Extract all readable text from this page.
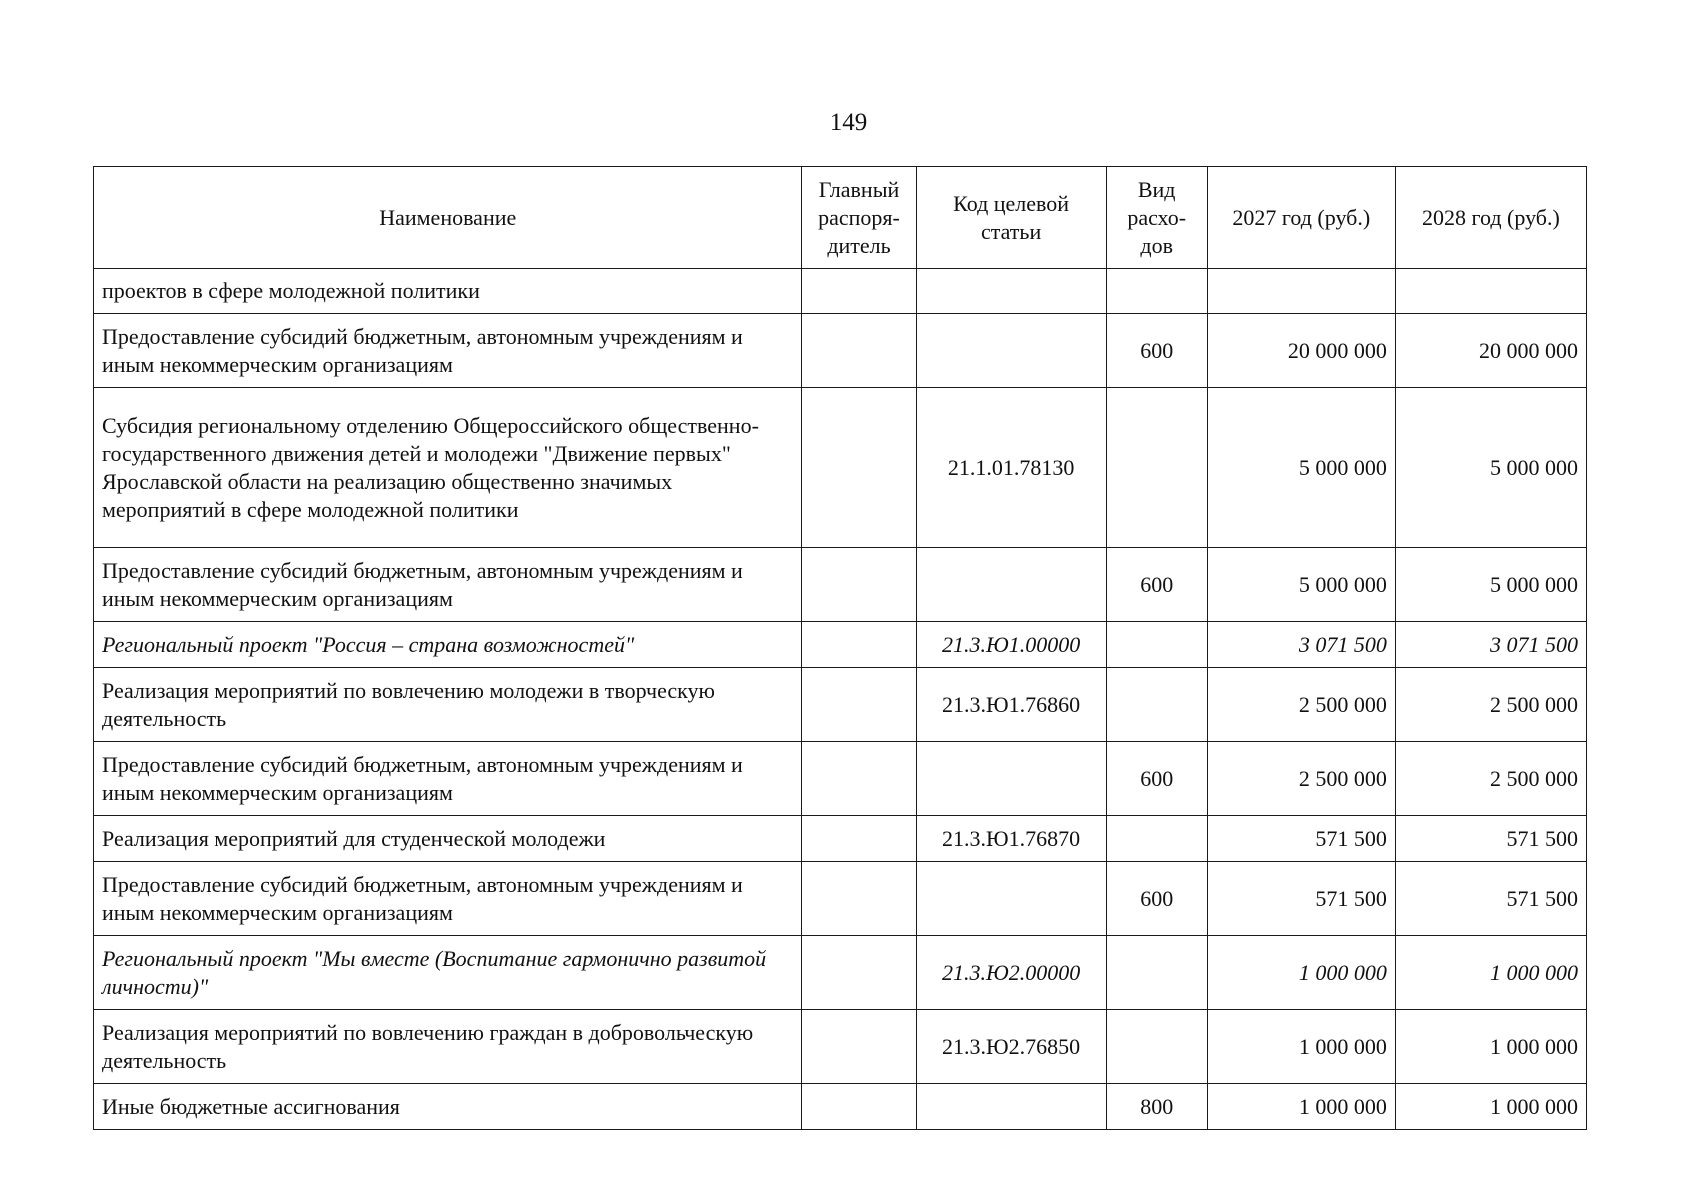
149
Наименование	Главный распоря-дитель	Код целевой статьи	Вид расхо-дов	2027 год (руб.)	2028 год (руб.)
проектов в сфере молодежной политики					
Предоставление субсидий бюджетным, автономным учреждениям и иным некоммерческим организациям			600	20 000 000	20 000 000
Субсидия региональному отделению Общероссийского общественно-государственного движения детей и молодежи "Движение первых" Ярославской области на реализацию общественно значимых мероприятий в сфере молодежной политики		21.1.01.78130		5 000 000	5 000 000
Предоставление субсидий бюджетным, автономным учреждениям и иным некоммерческим организациям			600	5 000 000	5 000 000
Региональный проект "Россия – страна возможностей"		21.3.Ю1.00000		3 071 500	3 071 500
Реализация мероприятий по вовлечению молодежи в творческую деятельность		21.3.Ю1.76860		2 500 000	2 500 000
Предоставление субсидий бюджетным, автономным учреждениям и иным некоммерческим организациям			600	2 500 000	2 500 000
Реализация мероприятий для студенческой молодежи		21.3.Ю1.76870		571 500	571 500
Предоставление субсидий бюджетным, автономным учреждениям и иным некоммерческим организациям			600	571 500	571 500
Региональный проект "Мы вместе (Воспитание гармонично развитой личности)"		21.3.Ю2.00000		1 000 000	1 000 000
Реализация мероприятий по вовлечению граждан в добровольческую деятельность		21.3.Ю2.76850		1 000 000	1 000 000
Иные бюджетные ассигнования			800	1 000 000	1 000 000
